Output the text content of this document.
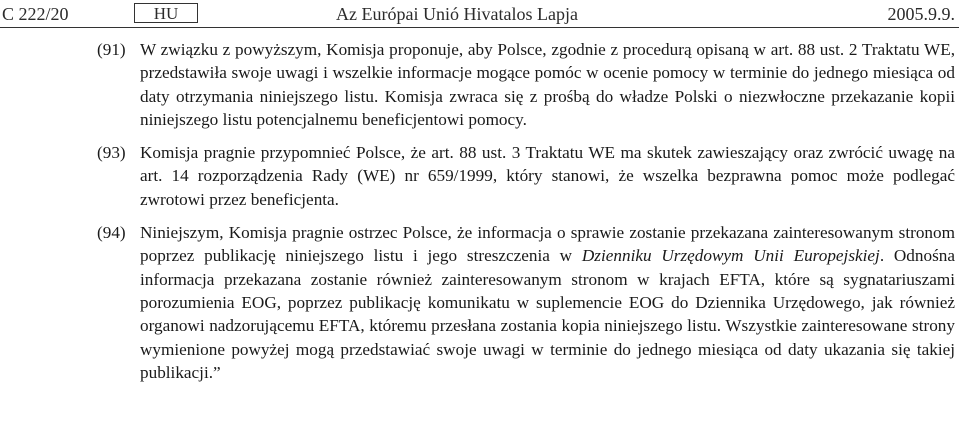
C 222/20	HU	Az Európai Unió Hivatalos Lapja	2005.9.9.

(91) W związku z powyższym, Komisja proponuje, aby Polsce, zgodnie z procedurą opisaną w art. 88 ust. 2 Traktatu WE, przedstawiła swoje uwagi i wszelkie informacje mogące pomóc w ocenie pomocy w terminie do jednego miesiąca od daty otrzymania niniejszego listu. Komisja zwraca się z prośbą do władze Polski o niezwłoczne przekazanie kopii niniejszego listu potencjalnemu beneficjentowi pomocy.

(93) Komisja pragnie przypomnieć Polsce, że art. 88 ust. 3 Traktatu WE ma skutek zawieszający oraz zwrócić uwagę na art. 14 rozporządzenia Rady (WE) nr 659/1999, który stanowi, że wszelka bezprawna pomoc może podlegać zwrotowi przez beneficjenta.

(94) Niniejszym, Komisja pragnie ostrzec Polsce, że informacja o sprawie zostanie przekazana zainteresowanym stronom poprzez publikację niniejszego listu i jego streszczenia w Dzienniku Urzędowym Unii Europejskiej. Odnośna informacja przekazana zostanie również zainteresowanym stronom w krajach EFTA, które są sygnatariuszami porozumienia EOG, poprzez publikację komunikatu w suplemencie EOG do Dziennika Urzędowego, jak również organowi nadzorującemu EFTA, któremu przesłana zostania kopia niniejszego listu. Wszystkie zainteresowane strony wymienione powyżej mogą przedstawiać swoje uwagi w terminie do jednego miesiąca od daty ukazania się takiej publikacji.”
